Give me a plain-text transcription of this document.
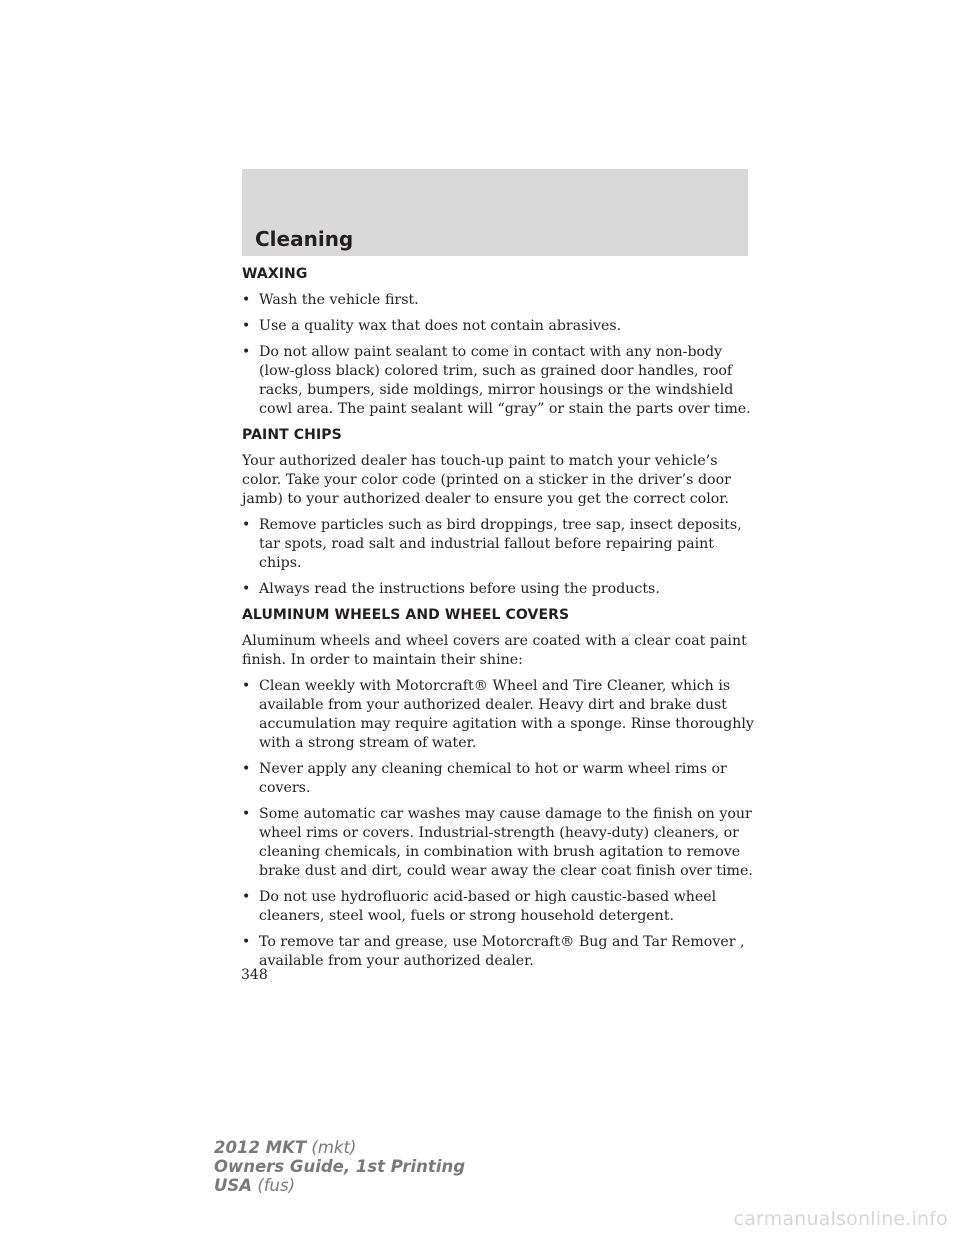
Cleaning
WAXING
• Wash the vehicle first.
• Use a quality wax that does not contain abrasives.
• Do not allow paint sealant to come in contact with any non-body (low-gloss black) colored trim, such as grained door handles, roof racks, bumpers, side moldings, mirror housings or the windshield cowl area. The paint sealant will “gray” or stain the parts over time.
PAINT CHIPS

Your authorized dealer has touch-up paint to match your vehicle’s color. Take your color code (printed on a sticker in the driver’s door jamb) to your authorized dealer to ensure you get the correct color.

• Remove particles such as bird droppings, tree sap, insect deposits, tar spots, road salt and industrial fallout before repairing paint chips.
• Always read the instructions before using the products.
ALUMINUM WHEELS AND WHEEL COVERS

Aluminum wheels and wheel covers are coated with a clear coat paint finish. In order to maintain their shine:

• Clean weekly with Motorcraft® Wheel and Tire Cleaner, which is available from your authorized dealer. Heavy dirt and brake dust accumulation may require agitation with a sponge. Rinse thoroughly with a strong stream of water.
• Never apply any cleaning chemical to hot or warm wheel rims or covers.
• Some automatic car washes may cause damage to the finish on your wheel rims or covers. Industrial-strength (heavy-duty) cleaners, or cleaning chemicals, in combination with brush agitation to remove brake dust and dirt, could wear away the clear coat finish over time.
• Do not use hydrofluoric acid-based or high caustic-based wheel cleaners, steel wool, fuels or strong household detergent.
• To remove tar and grease, use Motorcraft® Bug and Tar Remover , available from your authorized dealer.
348
2012 MKT (mkt)
Owners Guide, 1st Printing
USA (fus)
carmanualsonline.info
